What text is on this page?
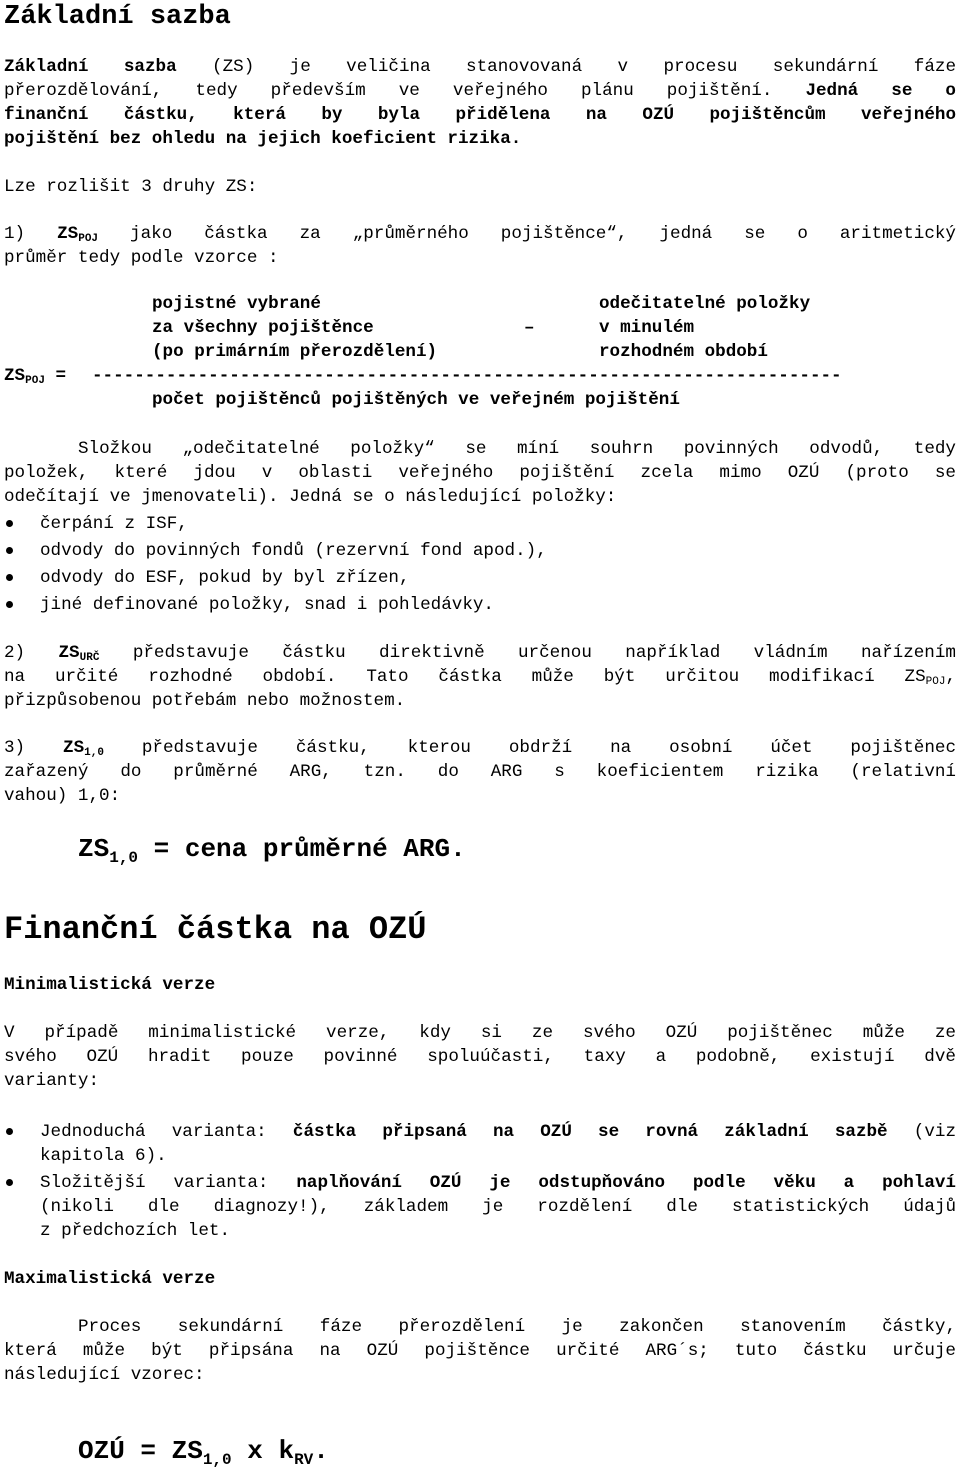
Základní sazba
Základní sazba (ZS) je veličina stanovovaná v procesu sekundární fáze
přerozdělování, tedy především ve veřejného plánu pojištění. Jedná se o
finanční částku, která by byla přidělena na OZÚ pojištěncům veřejného
pojištění bez ohledu na jejich koeficient rizika.
Lze rozlišit 3 druhy ZS:
1) $ZS_{POJ}$ jako částka za „průměrného pojištěnce“, jedná se o aritmetický
průměr tedy podle vzorce :
pojistné vybrané
za všechny pojištěnce
(po primárním přerozdělení)
–
odečitatelné položky
v minulém
rozhodném období
$ZS_{POJ}$ = -----------------------------------------------------------------------
počet pojištěnců pojištěných ve veřejném pojištění
Složkou „odečitatelné položky“ se míní souhrn povinných odvodů, tedy
položek, které jdou v oblasti veřejného pojištění zcela mimo OZÚ (proto se
odečítají ve jmenovateli). Jedná se o následující položky:
čerpání z ISF,
odvody do povinných fondů (rezervní fond apod.),
odvody do ESF, pokud by byl zřízen,
jiné definované položky, snad i pohledávky.
2) $ZS_{URČ}$ představuje částku direktivně určenou například vládním nařízením
na určité rozhodné období. Tato částka může být určitou modifikací $ZS_{POJ}$,
přizpůsobenou potřebám nebo možnostem.
3) $ZS_{1,0}$ představuje částku, kterou obdrží na osobní účet pojištěnec
zařazený do průměrné ARG, tzn. do ARG s koeficientem rizika (relativní
vahou) 1,0:
$ZS_{1,0}$ = cena průměrné ARG.
Finanční částka na OZÚ
Minimalistická verze
V případě minimalistické verze, kdy si ze svého OZÚ pojištěnec může ze
svého OZÚ hradit pouze povinné spoluúčasti, taxy a podobně, existují dvě
varianty:
Jednoduchá varianta: částka připsaná na OZÚ se rovná základní sazbě (viz
kapitola 6).
Složitější varianta: naplňování OZÚ je odstupňováno podle věku a pohlaví
(nikoli dle diagnozy!), základem je rozdělení dle statistických údajů
z předchozích let.
Maximalistická verze
Proces sekundární fáze přerozdělení je zakončen stanovením částky,
která může být připsána na OZÚ pojištěnce určité ARG´s; tuto částku určuje
následující vzorec:
OZÚ = $ZS_{1,0}$ x $k_{RV}$.
